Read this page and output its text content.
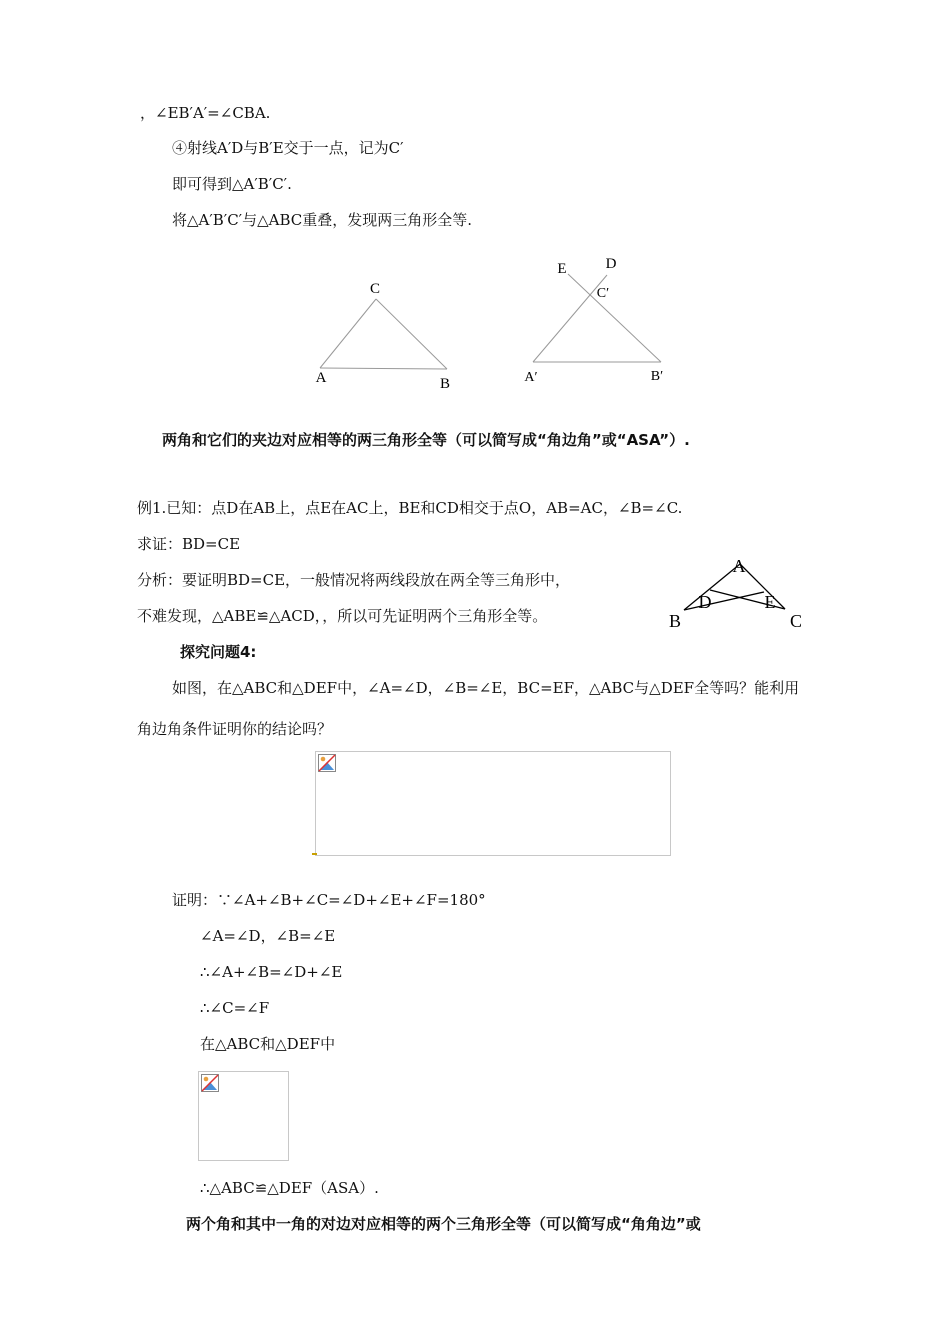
，∠EB′A′=∠CBA.
④射线A′D与B′E交于一点，记为C′
即可得到△A′B′C′.
将△A′B′C′与△ABC重叠，发现两三角形全等.
C
A	B
E	D
C′
A′	B′
两角和它们的夹边对应相等的两三角形全等（可以简写成“角边角”或“ASA”）.
例1.已知：点D在AB上，点E在AC上，BE和CD相交于点O，AB=AC，∠B=∠C.
求证：BD=CE
分析：要证明BD=CE，一般情况将两线段放在两全等三角形中，
不难发现，△ABE≌△ACD，，所以可先证明两个三角形全等。
A
D	E
B	C
探究问题4:
如图，在△ABC和△DEF中，∠A=∠D，∠B=∠E，BC=EF，△ABC与△DEF全等吗？能利用
角边角条件证明你的结论吗？
证明：∵∠A+∠B+∠C=∠D+∠E+∠F=180°
∠A=∠D，∠B=∠E
∴∠A+∠B=∠D+∠E
∴∠C=∠F
在△ABC和△DEF中
∴△ABC≌△DEF（ASA）.
两个角和其中一角的对边对应相等的两个三角形全等（可以简写成“角角边”或
